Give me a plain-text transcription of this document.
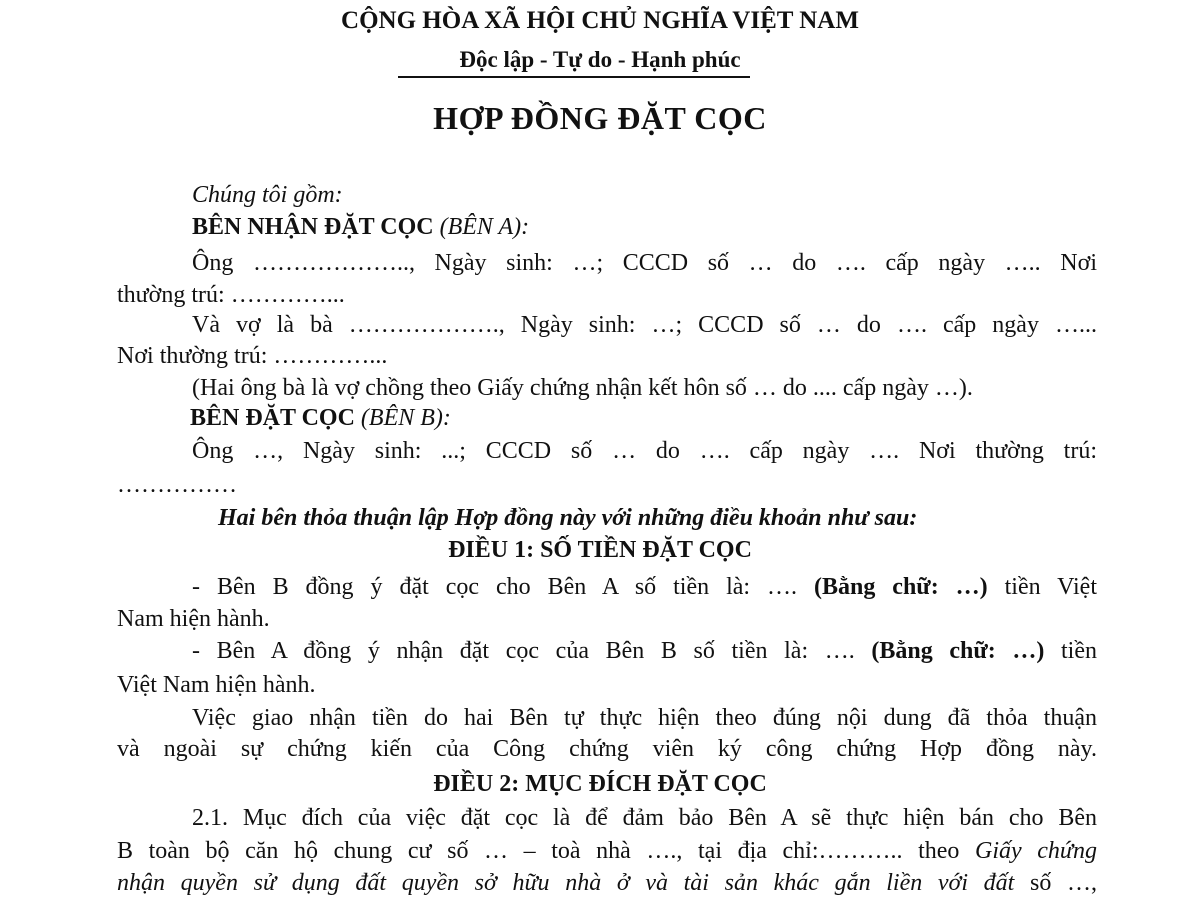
CỘNG HÒA XÃ HỘI CHỦ NGHĨA VIỆT NAM
Độc lập - Tự do - Hạnh phúc
HỢP ĐỒNG ĐẶT CỌC
Chúng tôi gồm:
BÊN NHẬN ĐẶT CỌC (BÊN A):
Ông ……………….., Ngày sinh: …; CCCD số … do …. cấp ngày ….. Nơi
thường trú: …………...
Và vợ là bà ………………., Ngày sinh: …; CCCD số … do …. cấp ngày …...
Nơi thường trú: …………...
(Hai ông bà là vợ chồng theo Giấy chứng nhận kết hôn số … do .... cấp ngày …).
BÊN ĐẶT CỌC (BÊN B):
Ông …, Ngày sinh: ...; CCCD số … do …. cấp ngày …. Nơi thường trú:
……………
Hai bên thỏa thuận lập Hợp đồng này với những điều khoản như sau:
ĐIỀU 1: SỐ TIỀN ĐẶT CỌC
- Bên B đồng ý đặt cọc cho Bên A số tiền là: …. (Bằng chữ: …) tiền Việt
Nam hiện hành.
- Bên A đồng ý nhận đặt cọc của Bên B số tiền là: …. (Bằng chữ: …) tiền
Việt Nam hiện hành.
Việc giao nhận tiền do hai Bên tự thực hiện theo đúng nội dung đã thỏa thuận
và ngoài sự chứng kiến của Công chứng viên ký công chứng Hợp đồng này.
ĐIỀU 2: MỤC ĐÍCH ĐẶT CỌC
2.1. Mục đích của việc đặt cọc là để đảm bảo Bên A sẽ thực hiện bán cho Bên
B toàn bộ căn hộ chung cư số … – toà nhà …., tại địa chỉ:……….. theo Giấy chứng
nhận quyền sử dụng đất quyền sở hữu nhà ở và tài sản khác gắn liền với đất số …,
